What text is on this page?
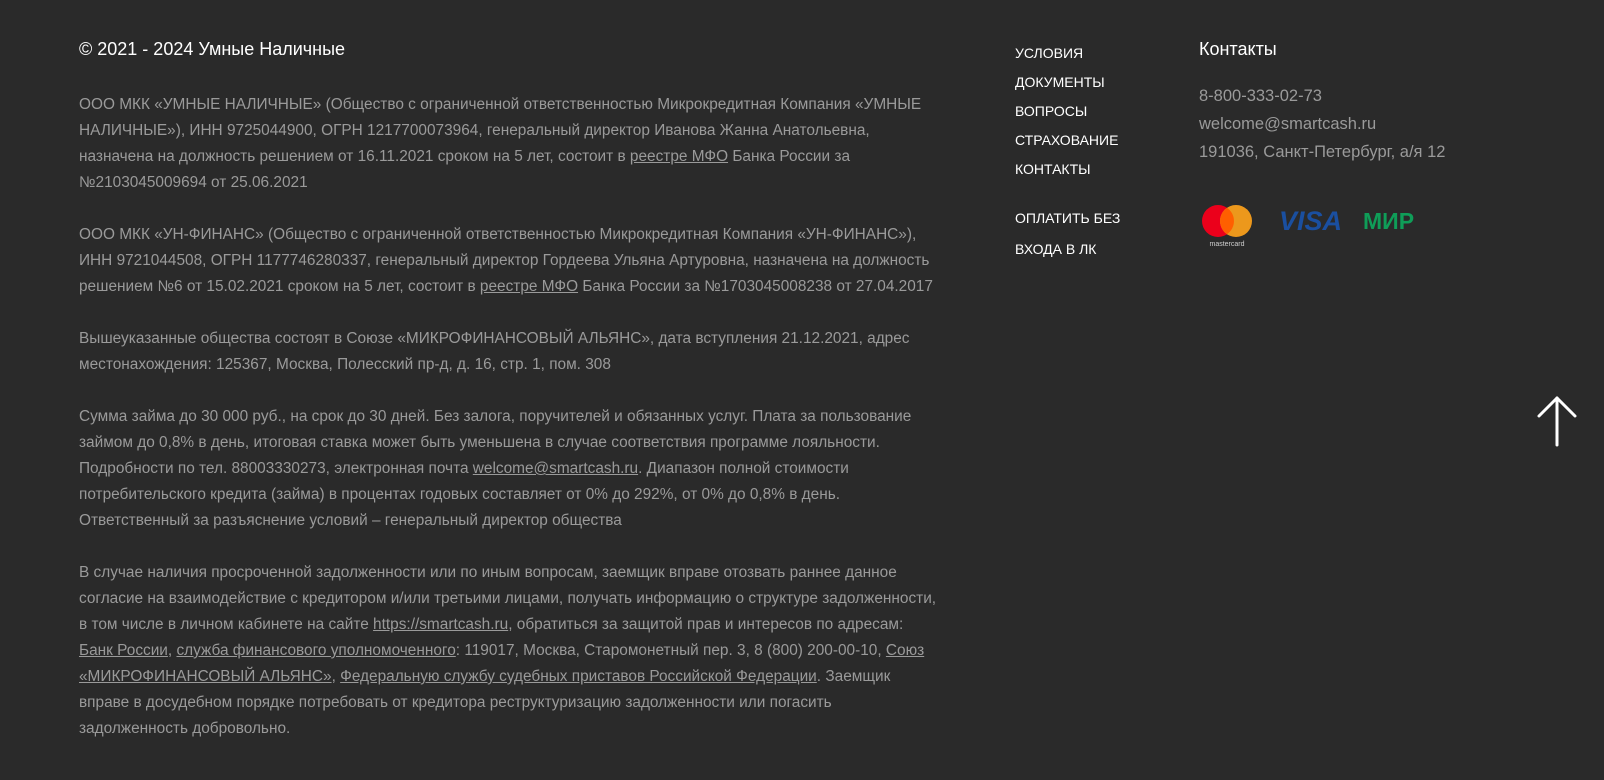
© 2021 - 2024 Умные Наличные

ООО МКК «УМНЫЕ НАЛИЧНЫЕ» (Общество с ограниченной ответственностью Микрокредитная Компания «УМНЫЕ НАЛИЧНЫЕ»), ИНН 9725044900, ОГРН 1217700073964, генеральный директор Иванова Жанна Анатольевна, назначена на должность решением от 16.11.2021 сроком на 5 лет, состоит в реестре МФО Банка России за №2103045009694 от 25.06.2021

ООО МКК «УН-ФИНАНС» (Общество с ограниченной ответственностью Микрокредитная Компания «УН-ФИНАНС»), ИНН 9721044508, ОГРН 1177746280337, генеральный директор Гордеева Ульяна Артуровна, назначена на должность решением №6 от 15.02.2021 сроком на 5 лет, состоит в реестре МФО Банка России за №1703045008238 от 27.04.2017

Вышеуказанные общества состоят в Союзе «МИКРОФИНАНСОВЫЙ АЛЬЯНС», дата вступления 21.12.2021, адрес местонахождения: 125367, Москва, Полесский пр-д, д. 16, стр. 1, пом. 308

Сумма займа до 30 000 руб., на срок до 30 дней. Без залога, поручителей и обязанных услуг. Плата за пользование займом до 0,8% в день, итоговая ставка может быть уменьшена в случае соответствия программе лояльности. Подробности по тел. 88003330273, электронная почта welcome@smartcash.ru. Диапазон полной стоимости потребительского кредита (займа) в процентах годовых составляет от 0% до 292%, от 0% до 0,8% в день. Ответственный за разъяснение условий – генеральный директор общества

В случае наличия просроченной задолженности или по иным вопросам, заемщик вправе отозвать раннее данное согласие на взаимодействие с кредитором и/или третьими лицами, получать информацию о структуре задолженности, в том числе в личном кабинете на сайте https://smartcash.ru, обратиться за защитой прав и интересов по адресам: Банк России, служба финансового уполномоченного: 119017, Москва, Старомонетный пер. 3, 8 (800) 200-00-10, Союз «МИКРОФИНАНСОВЫЙ АЛЬЯНС», Федеральную службу судебных приставов Российской Федерации. Заемщик вправе в досудебном порядке потребовать от кредитора реструктуризацию задолженности или погасить задолженность добровольно.

УСЛОВИЯ
ДОКУМЕНТЫ
ВОПРОСЫ
СТРАХОВАНИЕ
КОНТАКТЫ
ОПЛАТИТЬ БЕЗ ВХОДА В ЛК
Контакты
8-800-333-02-73
welcome@smartcash.ru
191036, Санкт-Петербург, а/я 12
mastercard
VISA МИР
